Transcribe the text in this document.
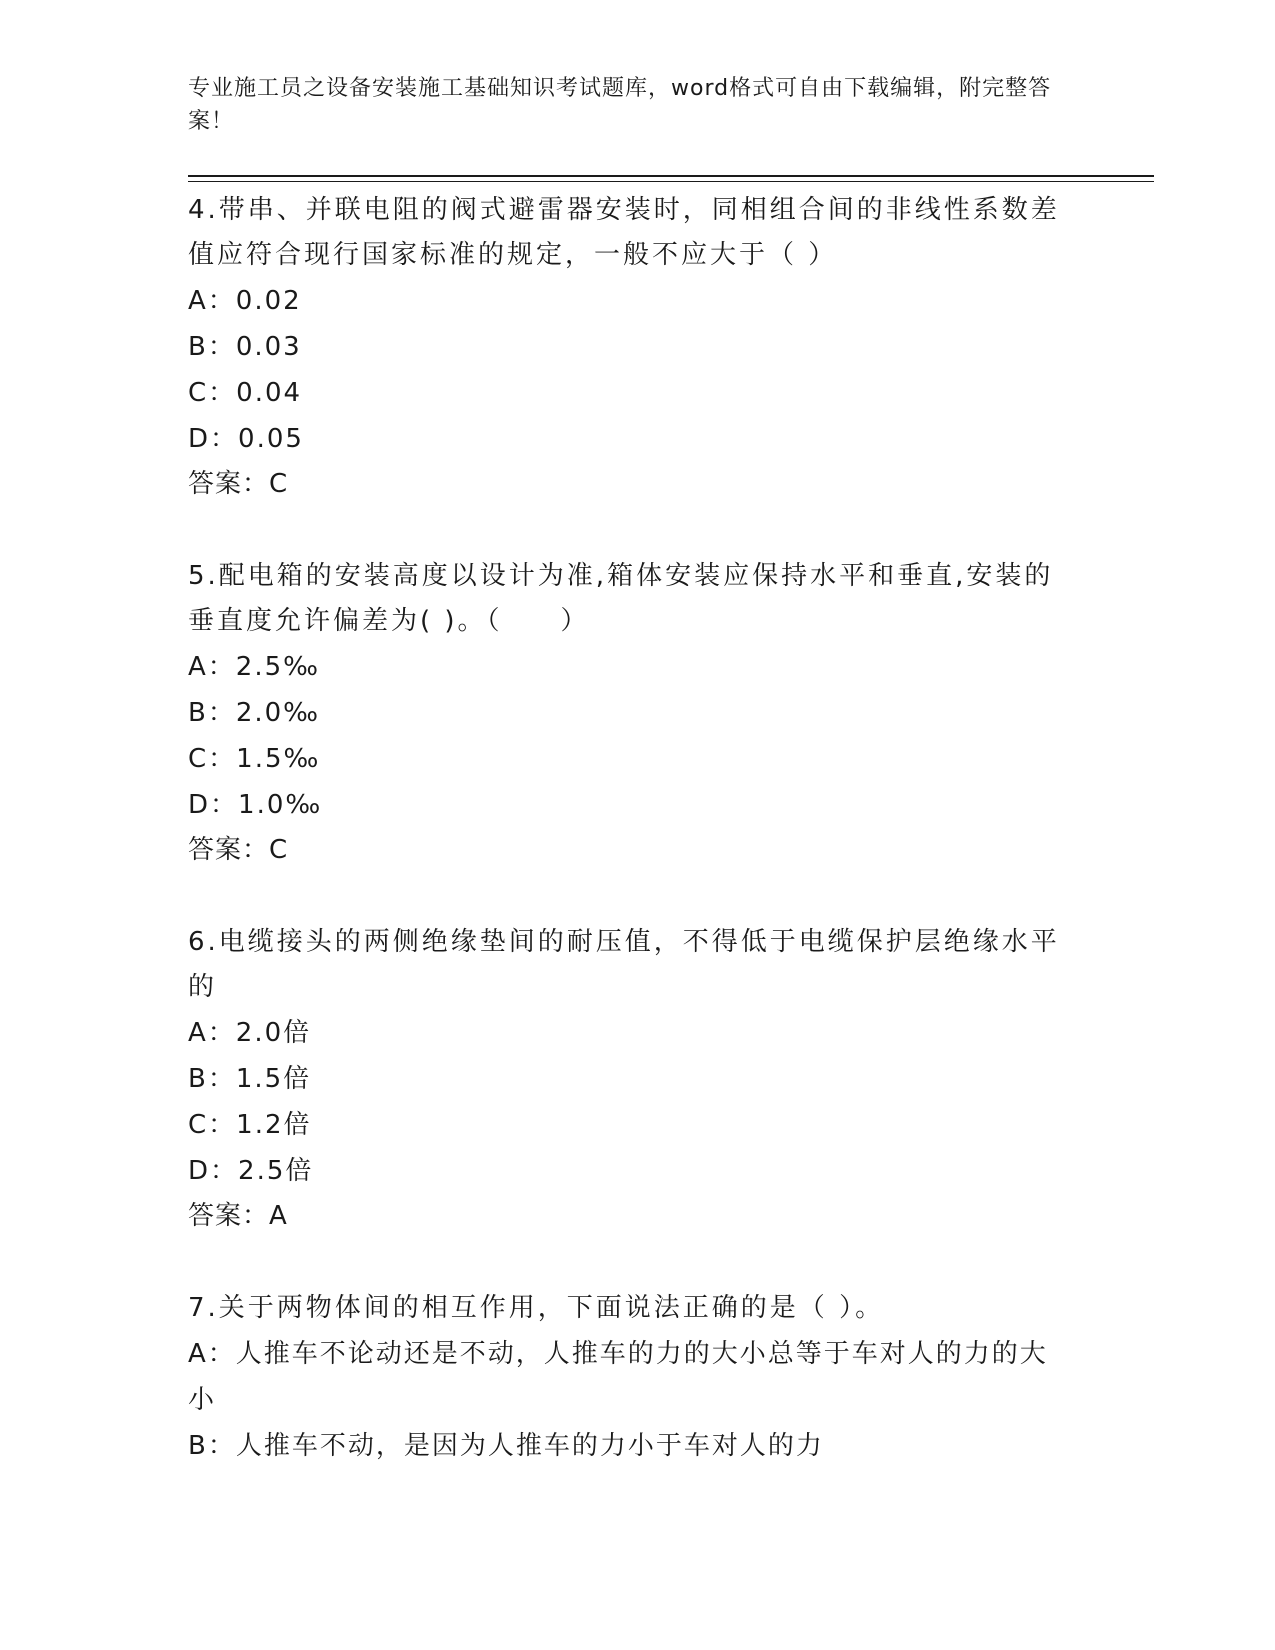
专业施工员之设备安装施工基础知识考试题库，word格式可自由下载编辑，附完整答案！
4.带串、并联电阻的阀式避雷器安装时，同相组合间的非线性系数差值应符合现行国家标准的规定，一般不应大于（ ）
A：0.02
B：0.03
C：0.04
D：0.05
答案：C
5.配电箱的安装高度以设计为准,箱体安装应保持水平和垂直,安装的垂直度允许偏差为( )。（　　）
A：2.5‰
B：2.0‰
C：1.5‰
D：1.0‰
答案：C
6.电缆接头的两侧绝缘垫间的耐压值，不得低于电缆保护层绝缘水平的
A：2.0倍
B：1.5倍
C：1.2倍
D：2.5倍
答案：A
7.关于两物体间的相互作用，下面说法正确的是（ ）。
A：人推车不论动还是不动，人推车的力的大小总等于车对人的力的大小
B：人推车不动，是因为人推车的力小于车对人的力
